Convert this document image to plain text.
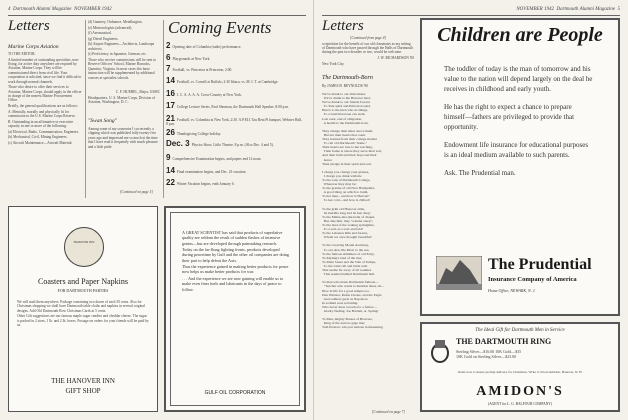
4 Dartmouth Alumni Magazine NOVEMBER 1942
Letters
Marine Corps Aviation

TO THE EDITOR:

A limited number of outstanding specialists, non-flying, for active duty anywhere are required by Aviation, Marine Corps. They will be commissioned direct from civil life. Your cooperation is solicited, since we find it difficult to work through normal channels.

Those who desire to offer their services to Aviation, Marine Corps, should apply in the officer in charge of the nearest Marine Procurement Office.

Briefly, the general qualifications are as follows:

A. Mentally, morally and physically fit for commission in the U.S. Marine Corps Reserve.

B. Outstanding in an affirmative or executive capacity in one or more of the following:

(a) Electrical, Radio, Communication, Engineers.

(b) Mechanical, Civil, Mining Engineers.

(c) Aircraft Maintenance—Aircraft Material.

(d) Gunnery, Ordnance, Metallurgists.

(e) Meteorologists (advanced).

(f) Aeronautical.

(g) Diesel Engineers.

(h) Airport Engineers—Architects, Landscape architects.

(i) Proficiency in Japanese, German, etc.

Those who receive commissions will be sent to Reserve Officers' School, Marine Barracks, Quantico, Virginia. In most cases this basic instruction will be supplemented by additional courses at specialist schools.

C. F. HUEBEL, Major, USMC

Headquarters, U. S. Marine Corps, Division of Aviation, Washington, D. C.

"Swan Song"

Among some of my souvenirs I cut recently a clipping which was published fully twenty-five years ago and impressed me so much at the time that I have read it frequently with much pleasure and a little pride.

[Continued on page 5]
Coming Events
2 Opening date of Columbia (radio) performance.
6 Playgrounds at New York.
7 Football, vs. Princeton at Princeton, 2:00.
14 Football, vs. Cornell at Buffalo, 2:30 Ithaca, vs. M. I. T. at Cambridge.
16 I. C. A. A. A. A. Cross-Country at New York.
17 College Lecture Series, Paul Sherman, the Dartmouth Hall Speaker, 8:00 p.m.
21 Football, vs. Columbia at New York, 2:30. A.P.M.I. Tau Beta Pi banquet, Webster Hall, 8 p.m.
26 Thanksgiving College holiday.
Dec. 3 Physics Show, Little Theatre, 8 p.m. (Also Dec. 4 and 5).
9 Comprehensive Examination begins, and papers end 12 noon.
14 Final examination begins, and Dec. 23 vacation.
22 Winter Vacation begins, ends January 6.
HANOVER INN
Coasters and Paper Napkins
FOR DARTMOUTH PARTIES

We will mail them anywhere. Package containing two dozen of each 50 cents. Also for Christmas shopping we shall have Dartmouth table cloths and napkins in several original designs. Add Old Dartmouth Row Christmas Cards at 5 cents.

Other Gift suggestions are our famous maple sugar candies and cheddar cheese. The sugar is packed in 2 sizes, 1 lb. and 2 lb. boxes. Postage on orders for your friends will be paid by us.

THE HANOVER INN
GIFT SHOP

A GREAT SCIENTIST has said that products of superlative quality are seldom the result of sudden flashes of intensive genius—but are developed through painstaking research.

Today on the far-flung fighting fronts, products developed during peacetime by Gulf and the other oil companies are doing their part to help defeat the Axis.

Thus the experience gained in making better products for peace now helps us make better products for war.

. . . And the experience we are now gaining will enable us to make even finer fuels and lubricants in the days of peace to follow.

GULF OIL CORPORATION
NOVEMBER 1942 Dartmouth Alumni Magazine 5
Letters

[Continued from page 4]

a repetition for the benefit of our old classmates as my setting of Dartmouth who have passed through the Halls of Dartmouth during the past two decades or two, would be welcome.

J. W. RICHARDSON '00

New York City.

The Dartmouth-Born
By JAMES B. REYNOLDS '90
We've drunk to our alma mater,
We've drunk to the Hanover land,
We've drunk to our friends forever
To Yale spirit and Princeton sand.
Here's to the men who do things,
To a band that none can stem,
Last toast, end of obligation,
A health to the Dartmouth-born.

They change their skies above them,
But not their hearts that roam.
They learned from their college mother
To call old Dartmouth "home."
Their hearts are true to her teaching,
Their home is where they serve their soil,
And their faith and their hope and their
honor
Their pledge in their spirit and soil.

I charge you change your glasses,
I charge you drink with me
To the sons of Dartmouth College,
Wherever they may be;
To the granite of old New Hampshire,
A good thing on which to build,
To her men—and how is Heaven?
To her cold—and how is chilled!

To the grim old Hanover elms,
Its meridia long and its feet deep;
To the Maine-alta-the-belle of chapel,
But, like him, they "wander sleep";
To the land of the waking springtime,
To a soil, as a soil, and fold!
To the Lebanon hills and forests,
Whom we once thought beautiful!

To the towering Mount Ascutney,
To our dear Ole River to the sea,
To the famous shimmers of old Fairy,
To Kipling's land of the tree;
To Main Street and the Vale of Tempe,
To the wind call and brick wall.
That seems far away of all routines
That seemed behind Dartmouth hall.

To men who made Dartmouth famous—
"Teacher who wants to mention those all—
How in life for a good temple too.
Dan Webster, Rufus Choate, and the Eagle
And soldiers great as Napoleon
In sodium sons revisiting.
Who never drew records for a fellow—
Gladry finding. Joe Bartlett, A. Spring!

To Men, mighty Bosses of Brawses,
King of the narrow gage line;
Tom Preston, who put nations in measuring
[Continued on page 7]
Children are People

The toddler of today is the man of tomorrow and his value to the nation will depend largely on the deal he receives in childhood and early youth.

He has the right to expect a chance to prepare himself—fathers are privileged to provide that opportunity.

Endowment life insurance for educational purposes is an ideal medium available to such parents.

Ask. The Prudential man.

The Prudential
Insurance Company of America
Home Office, NEWARK, N. J.
The Ideal Gift for Dartmouth Men in Service
THE DARTMOUTH RING

Sterling Silver—$16.00 10K Gold—$35

10K Gold on Sterling Silver—$23.00

Order now to insure prompt delivery for Christmas. Write to Wood Amidon, Hanover, N. H.
AMIDON'S
(AGENT for L. G. BALFOUR COMPANY)
